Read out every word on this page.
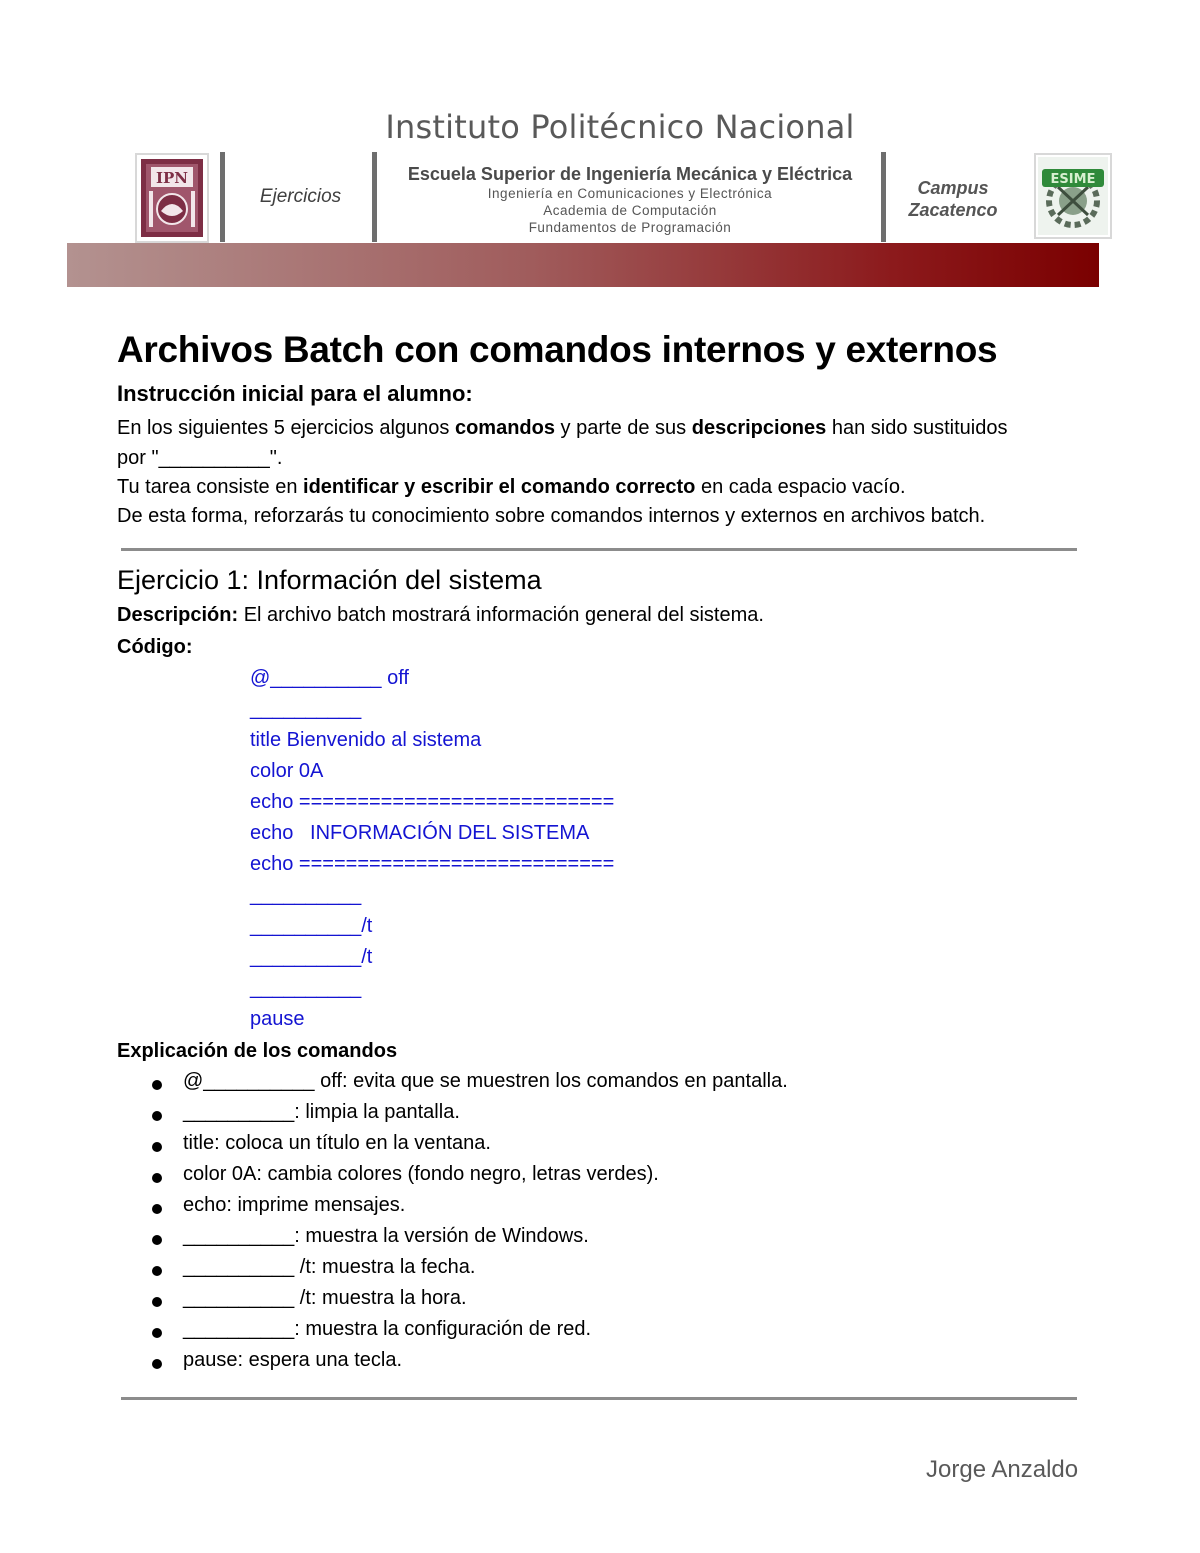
Instituto Politécnico Nacional
IPN
Ejercicios
Escuela Superior de Ingeniería Mecánica y Eléctrica
Ingeniería en Comunicaciones y Electrónica
Academia de Computación
Fundamentos de Programación
Campus
Zacatenco
ESIME
Archivos Batch con comandos internos y externos
Instrucción inicial para el alumno:
En los siguientes 5 ejercicios algunos comandos y parte de sus descripciones han sido sustituidos
por "__________".
Tu tarea consiste en identificar y escribir el comando correcto en cada espacio vacío.
De esta forma, reforzarás tu conocimiento sobre comandos internos y externos en archivos batch.
Ejercicio 1: Información del sistema
Descripción: El archivo batch mostrará información general del sistema.
Código:
@__________ off
__________
title Bienvenido al sistema
color 0A
echo ===========================
echo   INFORMACIÓN DEL SISTEMA
echo ===========================
__________
__________/t
__________/t
__________
pause
Explicación de los comandos
@__________ off: evita que se muestren los comandos en pantalla.
__________: limpia la pantalla.
title: coloca un título en la ventana.
color 0A: cambia colores (fondo negro, letras verdes).
echo: imprime mensajes.
__________: muestra la versión de Windows.
__________ /t: muestra la fecha.
__________ /t: muestra la hora.
__________: muestra la configuración de red.
pause: espera una tecla.
Jorge Anzaldo
